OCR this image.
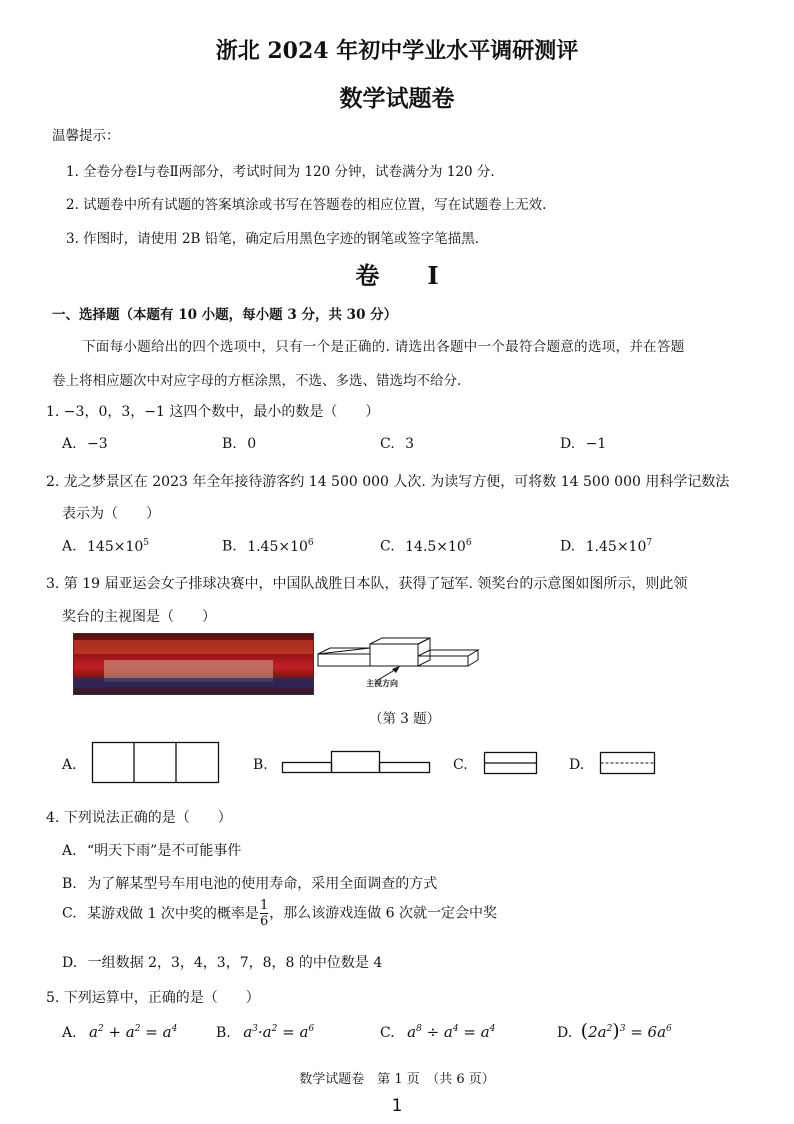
浙北 2024 年初中学业水平调研测评
数学试题卷
温馨提示：
1. 全卷分卷Ⅰ与卷Ⅱ两部分，考试时间为 120 分钟，试卷满分为 120 分.
2. 试题卷中所有试题的答案填涂或书写在答题卷的相应位置，写在试题卷上无效.
3. 作图时，请使用 2B 铅笔，确定后用黑色字迹的钢笔或签字笔描黑.
卷　　I
一、选择题（本题有 10 小题，每小题 3 分，共 30 分）
下面每小题给出的四个选项中，只有一个是正确的. 请选出各题中一个最符合题意的选项，并在答题
卷上将相应题次中对应字母的方框涂黑，不选、多选、错选均不给分.
1. −3，0，3，−1 这四个数中，最小的数是（　　）
A. −3	B. 0	C. 3	D. −1
2. 龙之梦景区在 2023 年全年接待游客约 14 500 000 人次. 为读写方便，可将数 14 500 000 用科学记数法
表示为（　　）
A. $145\times 10^5$	B. $1.45\times 10^6$	C. $14.5\times 10^6$	D. $1.45\times 10^7$
3. 第 19 届亚运会女子排球决赛中，中国队战胜日本队，获得了冠军. 领奖台的示意图如图所示，则此领
奖台的主视图是（　　）
主视方向
（第 3 题）
A.	B.	C.	D.
4. 下列说法正确的是（　　）
A. “明天下雨”是不可能事件
B. 为了解某型号车用电池的使用寿命，采用全面调查的方式
C. 某游戏做 1 次中奖的概率是 $\frac{1}{6}$ ，那么该游戏连做 6 次就一定会中奖
D. 一组数据 2，3，4，3，7，8，8 的中位数是 4
5. 下列运算中，正确的是（　　）
A. $a^2 + a^2 = a^4$	B. $a^3\cdot a^2 = a^6$	C. $a^8 \div a^4 = a^4$	D. $(2a^2)^3 = 6a^6$
数学试题卷　第 1 页　（共 6 页）
1
